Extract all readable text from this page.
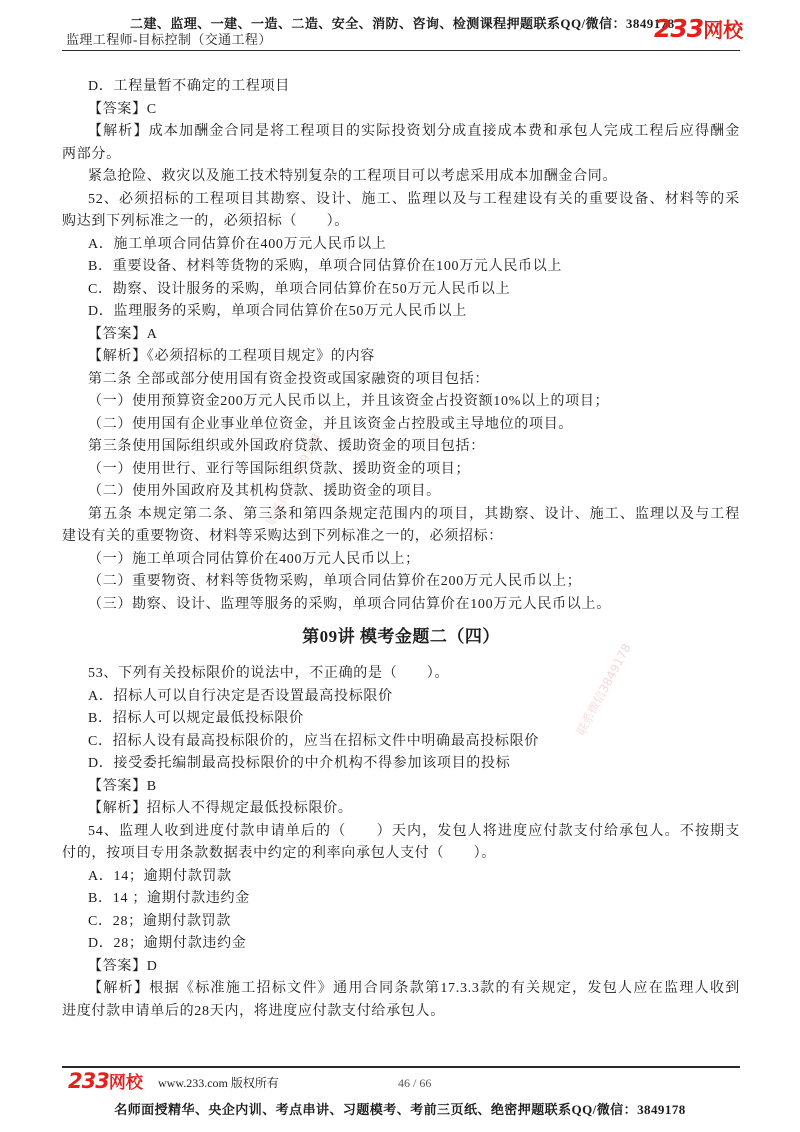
二建、监理、一建、一造、二造、安全、消防、咨询、检测课程押题联系QQ/微信：3849178
监理工程师-目标控制（交通工程）	233网校
联系微信3849178
联系微信3849178
D．工程量暂不确定的工程项目
【答案】C
【解析】成本加酬金合同是将工程项目的实际投资划分成直接成本费和承包人完成工程后应得酬金
两部分。
紧急抢险、救灾以及施工技术特别复杂的工程项目可以考虑采用成本加酬金合同。
52、必须招标的工程项目其勘察、设计、施工、监理以及与工程建设有关的重要设备、材料等的采
购达到下列标准之一的，必须招标（　　）。
A．施工单项合同估算价在400万元人民币以上
B．重要设备、材料等货物的采购，单项合同估算价在100万元人民币以上
C．勘察、设计服务的采购，单项合同估算价在50万元人民币以上
D．监理服务的采购，单项合同估算价在50万元人民币以上
【答案】A
【解析】《必须招标的工程项目规定》的内容
第二条 全部或部分使用国有资金投资或国家融资的项目包括：
（一）使用预算资金200万元人民币以上，并且该资金占投资额10%以上的项目；
（二）使用国有企业事业单位资金，并且该资金占控股或主导地位的项目。
第三条使用国际组织或外国政府贷款、援助资金的项目包括：
（一）使用世行、亚行等国际组织贷款、援助资金的项目；
（二）使用外国政府及其机构贷款、援助资金的项目。
第五条 本规定第二条、第三条和第四条规定范围内的项目，其勘察、设计、施工、监理以及与工程
建设有关的重要物资、材料等采购达到下列标准之一的，必须招标：
（一）施工单项合同估算价在400万元人民币以上；
（二）重要物资、材料等货物采购，单项合同估算价在200万元人民币以上；
（三）勘察、设计、监理等服务的采购，单项合同估算价在100万元人民币以上。
第09讲 模考金题二（四）
53、下列有关投标限价的说法中，不正确的是（　　）。
A．招标人可以自行决定是否设置最高投标限价
B．招标人可以规定最低投标限价
C．招标人设有最高投标限价的，应当在招标文件中明确最高投标限价
D．接受委托编制最高投标限价的中介机构不得参加该项目的投标
【答案】B
【解析】招标人不得规定最低投标限价。
54、监理人收到进度付款申请单后的（　　）天内，发包人将进度应付款支付给承包人。不按期支
付的，按项目专用条款数据表中约定的利率向承包人支付（　　）。
A．14；逾期付款罚款
B．14 ；逾期付款违约金
C．28；逾期付款罚款
D．28；逾期付款违约金
【答案】D
【解析】根据《标准施工招标文件》通用合同条款第17.3.3款的有关规定，发包人应在监理人收到
进度付款申请单后的28天内，将进度应付款支付给承包人。
233网校 www.233.com 版权所有	46 / 66
名师面授精华、央企内训、考点串讲、习题模考、考前三页纸、绝密押题联系QQ/微信：3849178
